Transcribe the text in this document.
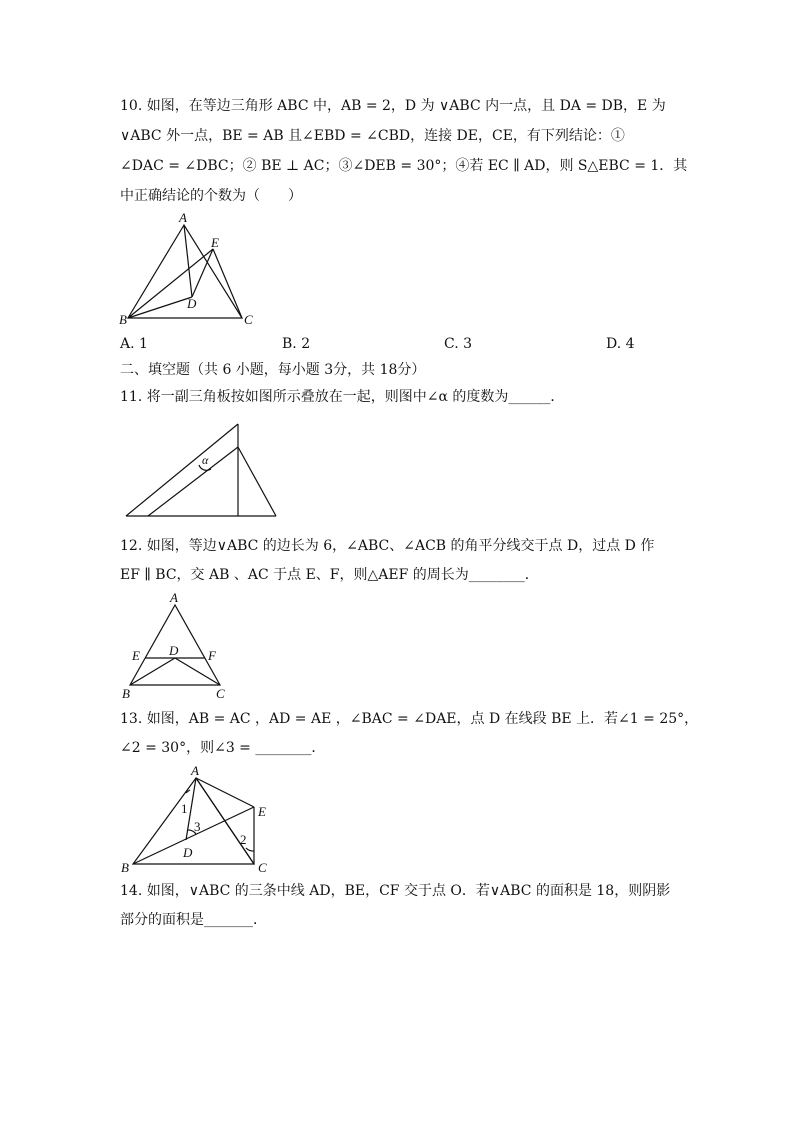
10. 如图，在等边三角形 ABC 中，AB = 2，D 为 ∨ABC 内一点，且 DA = DB，E 为
∨ABC 外一点，BE = AB 且∠EBD = ∠CBD，连接 DE，CE，有下列结论：①
∠DAC = ∠DBC；② BE ⊥ AC；③∠DEB = 30°；④若 EC ∥ AD，则 S△EBC = 1．其
中正确结论的个数为（　　）
A
B	C
D
E
A. 1	B. 2	C. 3	D. 4
二、填空题（共 6 小题，每小题 3分，共 18分）
11. 将一副三角板按如图所示叠放在一起，则图中∠α 的度数为______．
α
12. 如图，等边∨ABC 的边长为 6，∠ABC、∠ACB 的角平分线交于点 D，过点 D 作
EF ∥ BC，交 AB 、AC 于点 E、F，则△AEF 的周长为________．
A
B	C
D
E	F
13. 如图，AB = AC ，AD = AE ，∠BAC = ∠DAE，点 D 在线段 BE 上．若∠1 = 25°，
∠2 = 30°，则∠3 = ________．
A
B	C
D
E
1
2
3
14. 如图，∨ABC 的三条中线 AD，BE，CF 交于点 O．若∨ABC 的面积是 18，则阴影
部分的面积是_______．
